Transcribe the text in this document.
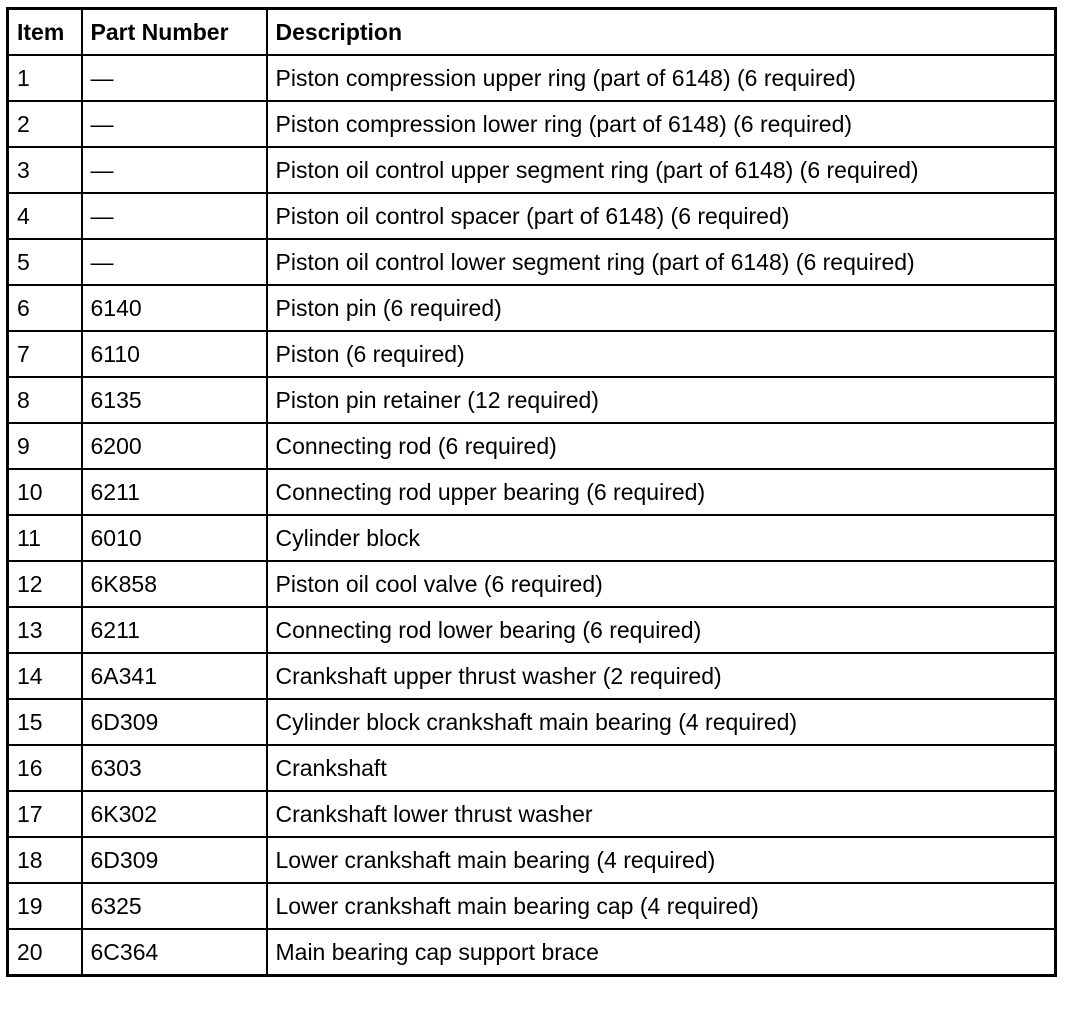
Item	Part Number	Description
1	—	Piston compression upper ring (part of 6148) (6 required)
2	—	Piston compression lower ring (part of 6148) (6 required)
3	—	Piston oil control upper segment ring (part of 6148) (6 required)
4	—	Piston oil control spacer (part of 6148) (6 required)
5	—	Piston oil control lower segment ring (part of 6148) (6 required)
6	6140	Piston pin (6 required)
7	6110	Piston (6 required)
8	6135	Piston pin retainer (12 required)
9	6200	Connecting rod (6 required)
10	6211	Connecting rod upper bearing (6 required)
11	6010	Cylinder block
12	6K858	Piston oil cool valve (6 required)
13	6211	Connecting rod lower bearing (6 required)
14	6A341	Crankshaft upper thrust washer (2 required)
15	6D309	Cylinder block crankshaft main bearing (4 required)
16	6303	Crankshaft
17	6K302	Crankshaft lower thrust washer
18	6D309	Lower crankshaft main bearing (4 required)
19	6325	Lower crankshaft main bearing cap (4 required)
20	6C364	Main bearing cap support brace
